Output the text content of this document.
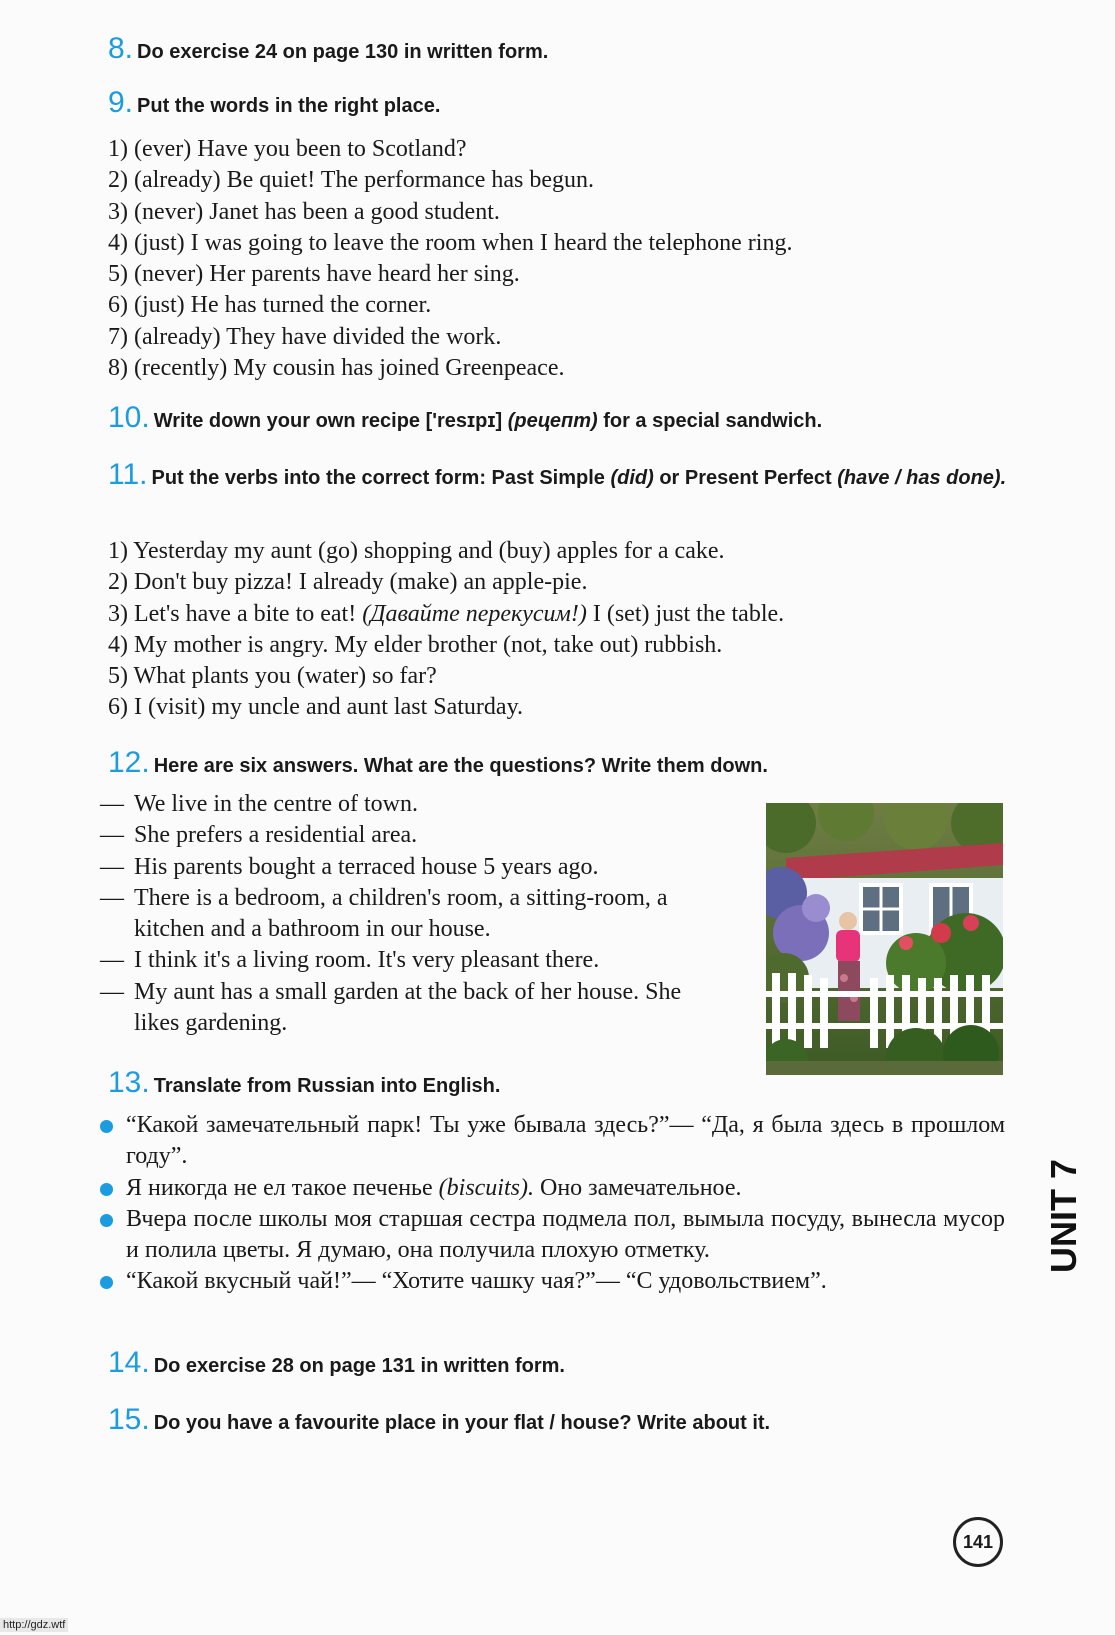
8. Do exercise 24 on page 130 in written form.
9. Put the words in the right place.
1) (ever) Have you been to Scotland?
2) (already) Be quiet! The performance has begun.
3) (never) Janet has been a good student.
4) (just) I was going to leave the room when I heard the telephone ring.
5) (never) Her parents have heard her sing.
6) (just) He has turned the corner.
7) (already) They have divided the work.
8) (recently) My cousin has joined Greenpeace.
10. Write down your own recipe ['resɪpɪ] (рецепт) for a special sandwich.
11. Put the verbs into the correct form: Past Simple (did) or Present Perfect (have / has done).
1) Yesterday my aunt (go) shopping and (buy) apples for a cake.
2) Don't buy pizza! I already (make) an apple-pie.
3) Let's have a bite to eat! (Давайте перекусим!) I (set) just the table.
4) My mother is angry. My elder brother (not, take out) rubbish.
5) What plants you (water) so far?
6) I (visit) my uncle and aunt last Saturday.
12. Here are six answers. What are the questions? Write them down.
— We live in the centre of town.
— She prefers a residential area.
— His parents bought a terraced house 5 years ago.
— There is a bedroom, a children's room, a sitting-room, a kitchen and a bathroom in our house.
— I think it's a living room. It's very pleasant there.
— My aunt has a small garden at the back of her house. She likes gardening.
13. Translate from Russian into English.
“Какой замечательный парк! Ты уже бывала здесь?”— “Да, я была здесь в прошлом году”.
Я никогда не ел такое печенье (biscuits). Оно замечательное.
Вчера после школы моя старшая сестра подмела пол, вымыла посуду, вынесла мусор и полила цветы. Я думаю, она получила плохую отметку.
“Какой вкусный чай!”— “Хотите чашку чая?”— “С удовольствием”.
14. Do exercise 28 on page 131 in written form.
15. Do you have a favourite place in your flat / house? Write about it.
UNIT 7
141
http://gdz.wtf
